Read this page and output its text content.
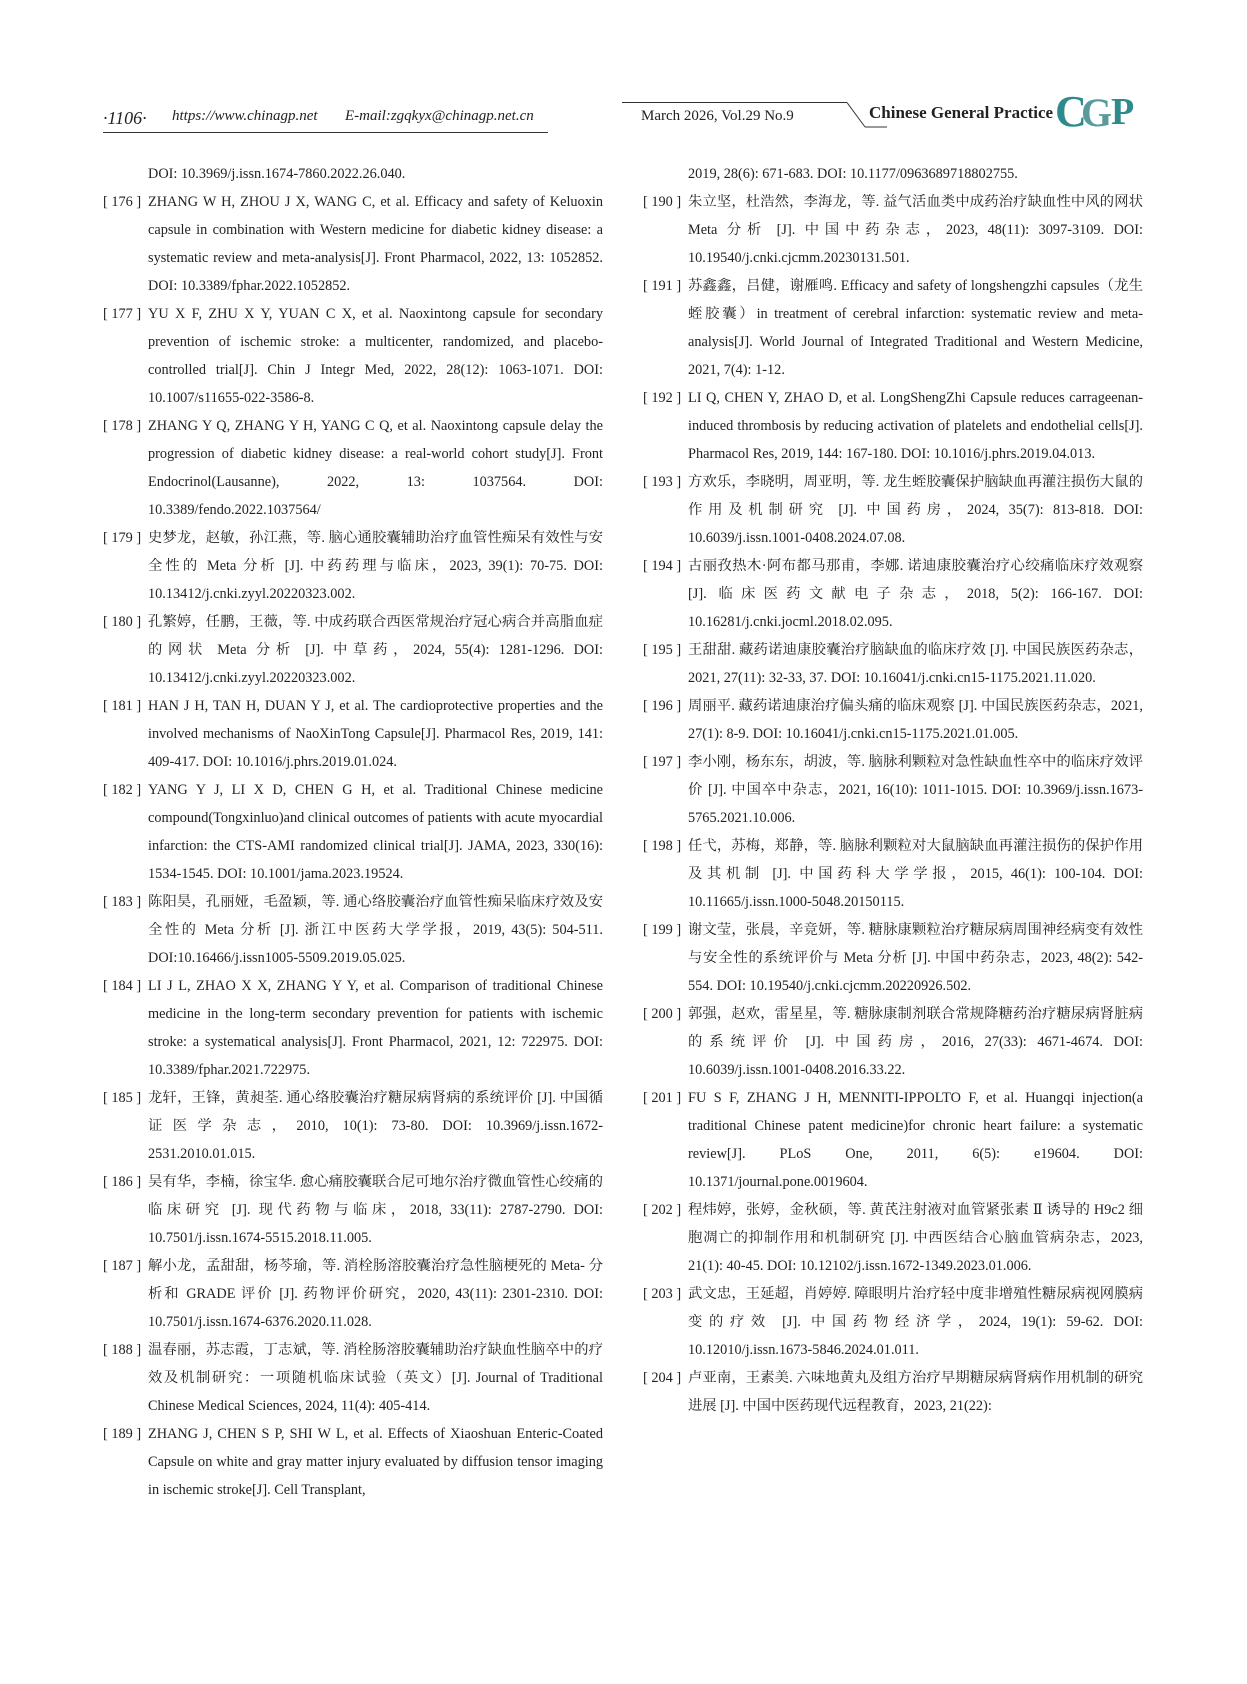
·1106· https://www.chinagp.net E-mail:zgqkyx@chinagp.net.cn	March 2026, Vol.29 No.9	Chinese General Practice C
G
P
DOI: 10.3969/j.issn.1674-7860.2022.26.040.
[ 176 ] ZHANG W H, ZHOU J X, WANG C, et al. Efficacy and safety of Keluoxin capsule in combination with Western medicine for diabetic kidney disease: a systematic review and meta-analysis[J]. Front Pharmacol, 2022, 13: 1052852. DOI: 10.3389/fphar.2022.1052852.
[ 177 ] YU X F, ZHU X Y, YUAN C X, et al. Naoxintong capsule for secondary prevention of ischemic stroke: a multicenter, randomized, and placebo-controlled trial[J]. Chin J Integr Med, 2022, 28(12): 1063-1071. DOI: 10.1007/s11655-022-3586-8.
[ 178 ] ZHANG Y Q, ZHANG Y H, YANG C Q, et al. Naoxintong capsule delay the progression of diabetic kidney disease: a real-world cohort study[J]. Front Endocrinol(Lausanne), 2022, 13: 1037564. DOI: 10.3389/fendo.2022.1037564/
[ 179 ] 史梦龙，赵敏，孙江燕，等. 脑心通胶囊辅助治疗血管性痴呆有效性与安全性的 Meta 分析 [J]. 中药药理与临床，2023, 39(1): 70-75. DOI: 10.13412/j.cnki.zyyl.20220323.002.
[ 180 ] 孔繁婷，任鹏，王薇，等. 中成药联合西医常规治疗冠心病合并高脂血症的网状 Meta 分析 [J]. 中草药，2024, 55(4): 1281-1296. DOI: 10.13412/j.cnki.zyyl.20220323.002.
[ 181 ] HAN J H, TAN H, DUAN Y J, et al. The cardioprotective properties and the involved mechanisms of NaoXinTong Capsule[J]. Pharmacol Res, 2019, 141: 409-417. DOI: 10.1016/j.phrs.2019.01.024.
[ 182 ] YANG Y J, LI X D, CHEN G H, et al. Traditional Chinese medicine compound(Tongxinluo)and clinical outcomes of patients with acute myocardial infarction: the CTS-AMI randomized clinical trial[J]. JAMA, 2023, 330(16): 1534-1545. DOI: 10.1001/jama.2023.19524.
[ 183 ] 陈阳昊，孔丽娅，毛盈颖，等. 通心络胶囊治疗血管性痴呆临床疗效及安全性的 Meta 分析 [J]. 浙江中医药大学学报，2019, 43(5): 504-511. DOI:10.16466/j.issn1005-5509.2019.05.025.
[ 184 ] LI J L, ZHAO X X, ZHANG Y Y, et al. Comparison of traditional Chinese medicine in the long-term secondary prevention for patients with ischemic stroke: a systematical analysis[J]. Front Pharmacol, 2021, 12: 722975. DOI: 10.3389/fphar.2021.722975.
[ 185 ] 龙轩，王锋，黄昶荃. 通心络胶囊治疗糖尿病肾病的系统评价 [J]. 中国循证医学杂志，2010, 10(1): 73-80. DOI: 10.3969/j.issn.1672-2531.2010.01.015.
[ 186 ] 吴有华，李楠，徐宝华. 愈心痛胶囊联合尼可地尔治疗微血管性心绞痛的临床研究 [J]. 现代药物与临床，2018, 33(11): 2787-2790. DOI: 10.7501/j.issn.1674-5515.2018.11.005.
[ 187 ] 解小龙，孟甜甜，杨芩瑜，等. 消栓肠溶胶囊治疗急性脑梗死的 Meta- 分析和 GRADE 评价 [J]. 药物评价研究，2020, 43(11): 2301-2310. DOI: 10.7501/j.issn.1674-6376.2020.11.028.
[ 188 ] 温春丽，苏志霞，丁志斌，等. 消栓肠溶胶囊辅助治疗缺血性脑卒中的疗效及机制研究：一项随机临床试验（英文）[J]. Journal of Traditional Chinese Medical Sciences, 2024, 11(4): 405-414.
[ 189 ] ZHANG J, CHEN S P, SHI W L, et al. Effects of Xiaoshuan Enteric-Coated Capsule on white and gray matter injury evaluated by diffusion tensor imaging in ischemic stroke[J]. Cell Transplant,
2019, 28(6): 671-683. DOI: 10.1177/0963689718802755.
[ 190 ] 朱立坚，杜浩然，李海龙，等. 益气活血类中成药治疗缺血性中风的网状 Meta 分析 [J]. 中国中药杂志，2023, 48(11): 3097-3109. DOI: 10.19540/j.cnki.cjcmm.20230131.501.
[ 191 ] 苏鑫鑫，吕健，谢雁鸣. Efficacy and safety of longshengzhi capsules（龙生蛭胶囊）in treatment of cerebral infarction: systematic review and meta-analysis[J]. World Journal of Integrated Traditional and Western Medicine, 2021, 7(4): 1-12.
[ 192 ] LI Q, CHEN Y, ZHAO D, et al. LongShengZhi Capsule reduces carrageenan-induced thrombosis by reducing activation of platelets and endothelial cells[J]. Pharmacol Res, 2019, 144: 167-180. DOI: 10.1016/j.phrs.2019.04.013.
[ 193 ] 方欢乐，李晓明，周亚明，等. 龙生蛭胶囊保护脑缺血再灌注损伤大鼠的作用及机制研究 [J]. 中国药房，2024, 35(7): 813-818. DOI: 10.6039/j.issn.1001-0408.2024.07.08.
[ 194 ] 古丽孜热木·阿布都马那甫，李娜. 诺迪康胶囊治疗心绞痛临床疗效观察 [J]. 临床医药文献电子杂志，2018, 5(2): 166-167. DOI: 10.16281/j.cnki.jocml.2018.02.095.
[ 195 ] 王甜甜. 藏药诺迪康胶囊治疗脑缺血的临床疗效 [J]. 中国民族医药杂志，2021, 27(11): 32-33, 37. DOI: 10.16041/j.cnki.cn15-1175.2021.11.020.
[ 196 ] 周丽平. 藏药诺迪康治疗偏头痛的临床观察 [J]. 中国民族医药杂志，2021, 27(1): 8-9. DOI: 10.16041/j.cnki.cn15-1175.2021.01.005.
[ 197 ] 李小刚，杨东东，胡波，等. 脑脉利颗粒对急性缺血性卒中的临床疗效评价 [J]. 中国卒中杂志，2021, 16(10): 1011-1015. DOI: 10.3969/j.issn.1673-5765.2021.10.006.
[ 198 ] 任弋，苏梅，郑静，等. 脑脉利颗粒对大鼠脑缺血再灌注损伤的保护作用及其机制 [J]. 中国药科大学学报，2015, 46(1): 100-104. DOI: 10.11665/j.issn.1000-5048.20150115.
[ 199 ] 谢文莹，张晨，辛竞妍，等. 糖脉康颗粒治疗糖尿病周围神经病变有效性与安全性的系统评价与 Meta 分析 [J]. 中国中药杂志，2023, 48(2): 542-554. DOI: 10.19540/j.cnki.cjcmm.20220926.502.
[ 200 ] 郭强，赵欢，雷星星，等. 糖脉康制剂联合常规降糖药治疗糖尿病肾脏病的系统评价 [J]. 中国药房，2016, 27(33): 4671-4674. DOI: 10.6039/j.issn.1001-0408.2016.33.22.
[ 201 ] FU S F, ZHANG J H, MENNITI-IPPOLTO F, et al. Huangqi injection(a traditional Chinese patent medicine)for chronic heart failure: a systematic review[J]. PLoS One, 2011, 6(5): e19604. DOI: 10.1371/journal.pone.0019604.
[ 202 ] 程炜婷，张婷，金秋硕，等. 黄芪注射液对血管紧张素 Ⅱ 诱导的 H9c2 细胞凋亡的抑制作用和机制研究 [J]. 中西医结合心脑血管病杂志，2023, 21(1): 40-45. DOI: 10.12102/j.issn.1672-1349.2023.01.006.
[ 203 ] 武文忠，王延超，肖婷婷. 障眼明片治疗轻中度非增殖性糖尿病视网膜病变的疗效 [J]. 中国药物经济学，2024, 19(1): 59-62. DOI: 10.12010/j.issn.1673-5846.2024.01.011.
[ 204 ] 卢亚南，王素美. 六味地黄丸及组方治疗早期糖尿病肾病作用机制的研究进展 [J]. 中国中医药现代远程教育，2023, 21(22):
